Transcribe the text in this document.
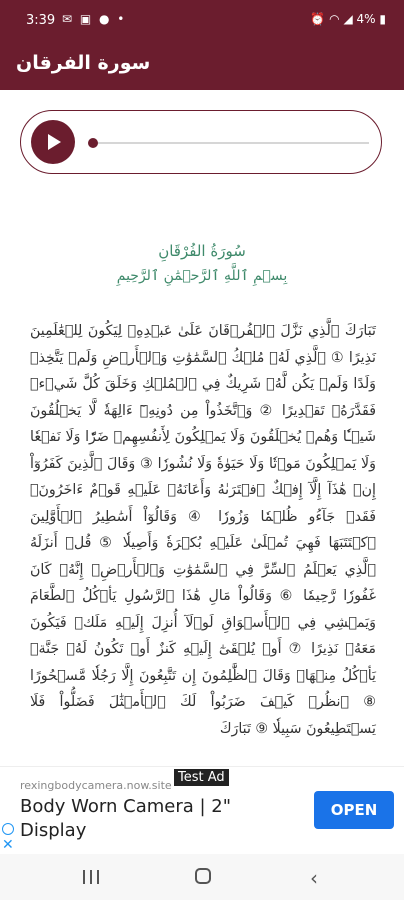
3:39 ✉ ▣ ● •	⏰ ◠ ◢ 4% ▮
سورة الفرقان
سُورَةُ الفُرْقَانِ
بِسۡمِ ٱللَّهِ ٱلرَّحۡمَٰنِ ٱلرَّحِيمِ
تَبَارَكَ ٱلَّذِي نَزَّلَ ٱلۡفُرۡقَانَ عَلَىٰ عَبۡدِهِۦ لِيَكُونَ لِلۡعَٰلَمِينَ نَذِيرًا ① ٱلَّذِي لَهُۥ مُلۡكُ ٱلسَّمَٰوَٰتِ وَٱلۡأَرۡضِ وَلَمۡ يَتَّخِذۡ وَلَدًا وَلَمۡ يَكُن لَّهُۥ شَرِيكٌ فِي ٱلۡمُلۡكِ وَخَلَقَ كُلَّ شَيۡءٖ فَقَدَّرَهُۥ تَقۡدِيرًا ② وَٱتَّخَذُواْ مِن دُونِهِۦٓ ءَالِهَةٗ لَّا يَخۡلُقُونَ شَيۡـٔٗا وَهُمۡ يُخۡلَقُونَ وَلَا يَمۡلِكُونَ لِأَنفُسِهِمۡ ضَرّٗا وَلَا نَفۡعٗا وَلَا يَمۡلِكُونَ مَوۡتٗا وَلَا حَيَوٰةٗ وَلَا نُشُورٗا ③ وَقَالَ ٱلَّذِينَ كَفَرُوٓاْ إِنۡ هَٰذَآ إِلَّآ إِفۡكٌ ٱفۡتَرَىٰهُ وَأَعَانَهُۥ عَلَيۡهِ قَوۡمٌ ءَاخَرُونَۖ فَقَدۡ جَآءُو ظُلۡمٗا وَزُورٗا ④ وَقَالُوٓاْ أَسَٰطِيرُ ٱلۡأَوَّلِينَ ٱكۡتَتَبَهَا فَهِيَ تُمۡلَىٰ عَلَيۡهِ بُكۡرَةٗ وَأَصِيلٗا ⑤ قُلۡ أَنزَلَهُ ٱلَّذِي يَعۡلَمُ ٱلسِّرَّ فِي ٱلسَّمَٰوَٰتِ وَٱلۡأَرۡضِۚ إِنَّهُۥ كَانَ غَفُورٗا رَّحِيمٗا ⑥ وَقَالُواْ مَالِ هَٰذَا ٱلرَّسُولِ يَأۡكُلُ ٱلطَّعَامَ وَيَمۡشِي فِي ٱلۡأَسۡوَاقِ لَوۡلَآ أُنزِلَ إِلَيۡهِ مَلَكٞ فَيَكُونَ مَعَهُۥ نَذِيرًا ⑦ أَوۡ يُلۡقَىٰٓ إِلَيۡهِ كَنزٌ أَوۡ تَكُونُ لَهُۥ جَنَّةٞ يَأۡكُلُ مِنۡهَاۚ وَقَالَ ٱلظَّٰلِمُونَ إِن تَتَّبِعُونَ إِلَّا رَجُلٗا مَّسۡحُورًا ⑧ ٱنظُرۡ كَيۡفَ ضَرَبُواْ لَكَ ٱلۡأَمۡثَٰلَ فَضَلُّواْ فَلَا يَسۡتَطِيعُونَ سَبِيلٗا ⑨ تَبَارَكَ
Test Ad
rexingbodycamera.now.site
Body Worn Camera | 2" Display
OPEN
✕
‹
